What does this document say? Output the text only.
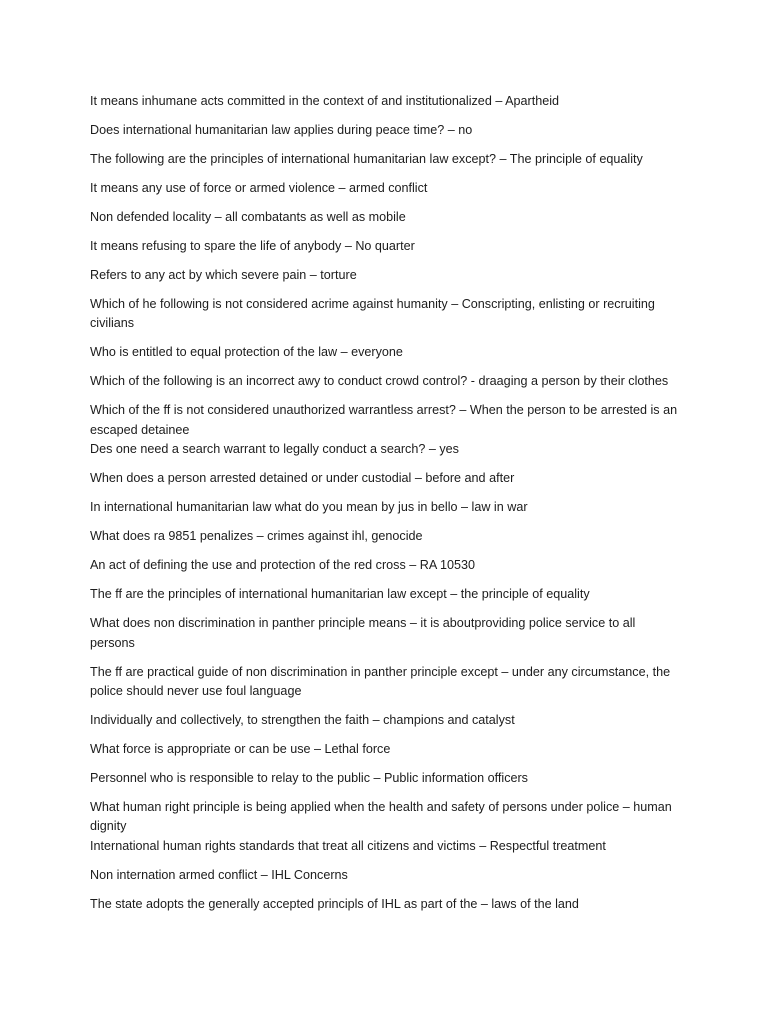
It means inhumane acts committed in the context of and institutionalized – Apartheid

Does international humanitarian law applies during peace time? – no

The following are the principles of international humanitarian law except? – The principle of equality

It means any use of force or armed violence – armed conflict

Non defended locality – all combatants as well as mobile

It means refusing to spare the life of anybody – No quarter

Refers to any act by which severe pain – torture

Which of he following is not considered acrime against humanity – Conscripting, enlisting or recruiting civilians

Who is entitled to equal protection of the law – everyone

Which of the following is an incorrect awy to conduct crowd control? - draaging a person by their clothes

Which of the ff is not considered unauthorized warrantless arrest? – When the person to be arrested is an escaped detainee

Des one need a search warrant to legally conduct a search? – yes

When does a person arrested detained or under custodial – before and after

In international humanitarian law what do you mean by jus in bello – law in war

What does ra 9851 penalizes – crimes against ihl, genocide

An act of defining the use and protection of the red cross – RA 10530

The ff are the principles of international humanitarian law except – the principle of equality

What does non discrimination in panther principle means – it is aboutproviding police service to all persons

The ff are practical guide of non discrimination in panther principle except – under any circumstance, the police should never use foul language

Individually and collectively, to strengthen the faith – champions and catalyst

What force is appropriate or can be use – Lethal force

Personnel who is responsible to relay to the public – Public information officers

What human right principle is being applied when the health and safety of persons under police – human dignity

International human rights standards that treat all citizens and victims – Respectful treatment

Non internation armed conflict – IHL Concerns

The state adopts the generally accepted principls of IHL as part of the – laws of the land
